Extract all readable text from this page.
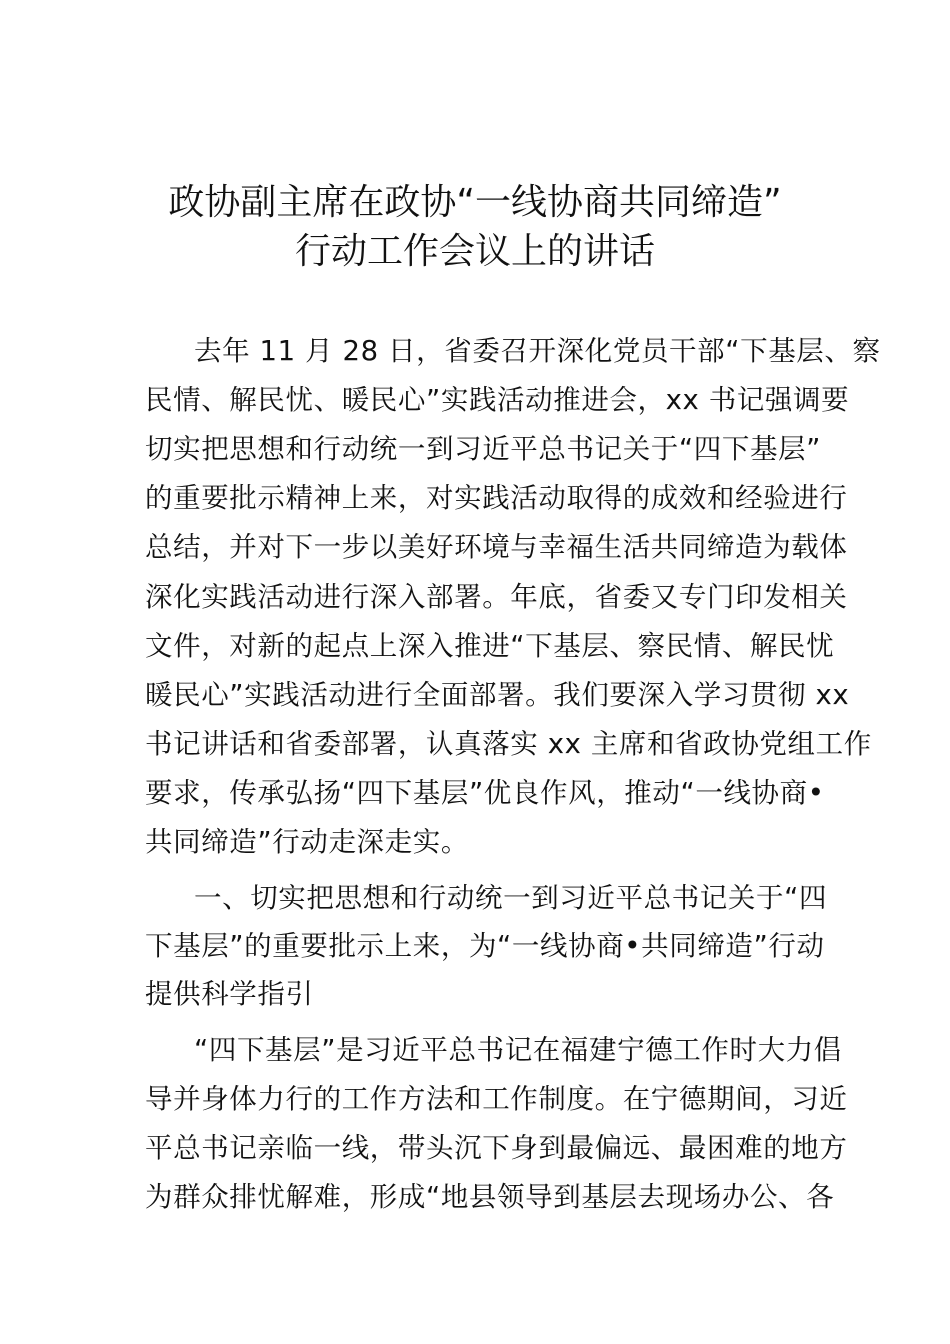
政协副主席在政协“一线协商共同缔造”
行动工作会议上的讲话
去年 11 月 28 日，省委召开深化党员干部“下基层、察
民情、解民忧、暖民心”实践活动推进会，xx 书记强调要
切实把思想和行动统一到习近平总书记关于“四下基层”
的重要批示精神上来，对实践活动取得的成效和经验进行
总结，并对下一步以美好环境与幸福生活共同缔造为载体
深化实践活动进行深入部署。年底，省委又专门印发相关
文件，对新的起点上深入推进“下基层、察民情、解民忧
暖民心”实践活动进行全面部署。我们要深入学习贯彻 xx
书记讲话和省委部署，认真落实 xx 主席和省政协党组工作
要求，传承弘扬“四下基层”优良作风，推动“一线协商•
共同缔造”行动走深走实。
一、切实把思想和行动统一到习近平总书记关于“四
下基层”的重要批示上来，为“一线协商•共同缔造”行动
提供科学指引
“四下基层”是习近平总书记在福建宁德工作时大力倡
导并身体力行的工作方法和工作制度。在宁德期间，习近
平总书记亲临一线，带头沉下身到最偏远、最困难的地方
为群众排忧解难，形成“地县领导到基层去现场办公、各
